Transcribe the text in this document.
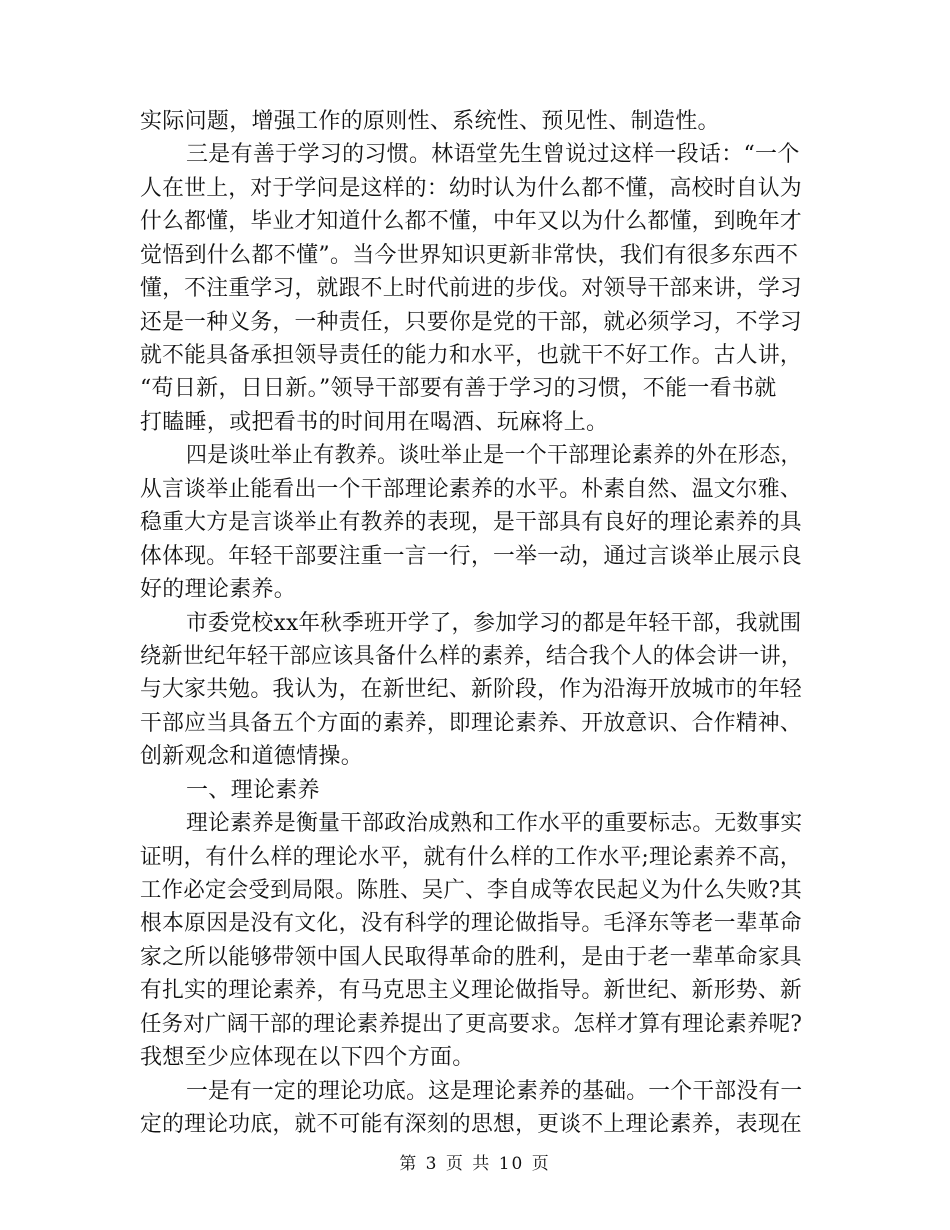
实际问题，增强工作的原则性、系统性、预见性、制造性。
三是有善于学习的习惯。林语堂先生曾说过这样一段话：“一个
人在世上，对于学问是这样的：幼时认为什么都不懂，高校时自认为
什么都懂，毕业才知道什么都不懂，中年又以为什么都懂，到晚年才
觉悟到什么都不懂”。当今世界知识更新非常快，我们有很多东西不
懂，不注重学习，就跟不上时代前进的步伐。对领导干部来讲，学习
还是一种义务，一种责任，只要你是党的干部，就必须学习，不学习
就不能具备承担领导责任的能力和水平，也就干不好工作。古人讲，
“苟日新，日日新。”领导干部要有善于学习的习惯，不能一看书就
打瞌睡，或把看书的时间用在喝酒、玩麻将上。
四是谈吐举止有教养。谈吐举止是一个干部理论素养的外在形态，
从言谈举止能看出一个干部理论素养的水平。朴素自然、温文尔雅、
稳重大方是言谈举止有教养的表现，是干部具有良好的理论素养的具
体体现。年轻干部要注重一言一行，一举一动，通过言谈举止展示良
好的理论素养。
市委党校xx年秋季班开学了，参加学习的都是年轻干部，我就围
绕新世纪年轻干部应该具备什么样的素养，结合我个人的体会讲一讲，
与大家共勉。我认为，在新世纪、新阶段，作为沿海开放城市的年轻
干部应当具备五个方面的素养，即理论素养、开放意识、合作精神、
创新观念和道德情操。
一、理论素养
理论素养是衡量干部政治成熟和工作水平的重要标志。无数事实
证明，有什么样的理论水平，就有什么样的工作水平;理论素养不高，
工作必定会受到局限。陈胜、吴广、李自成等农民起义为什么失败?其
根本原因是没有文化，没有科学的理论做指导。毛泽东等老一辈革命
家之所以能够带领中国人民取得革命的胜利，是由于老一辈革命家具
有扎实的理论素养，有马克思主义理论做指导。新世纪、新形势、新
任务对广阔干部的理论素养提出了更高要求。怎样才算有理论素养呢?
我想至少应体现在以下四个方面。
一是有一定的理论功底。这是理论素养的基础。一个干部没有一
定的理论功底，就不可能有深刻的思想，更谈不上理论素养，表现在
第 3 页 共 10 页
